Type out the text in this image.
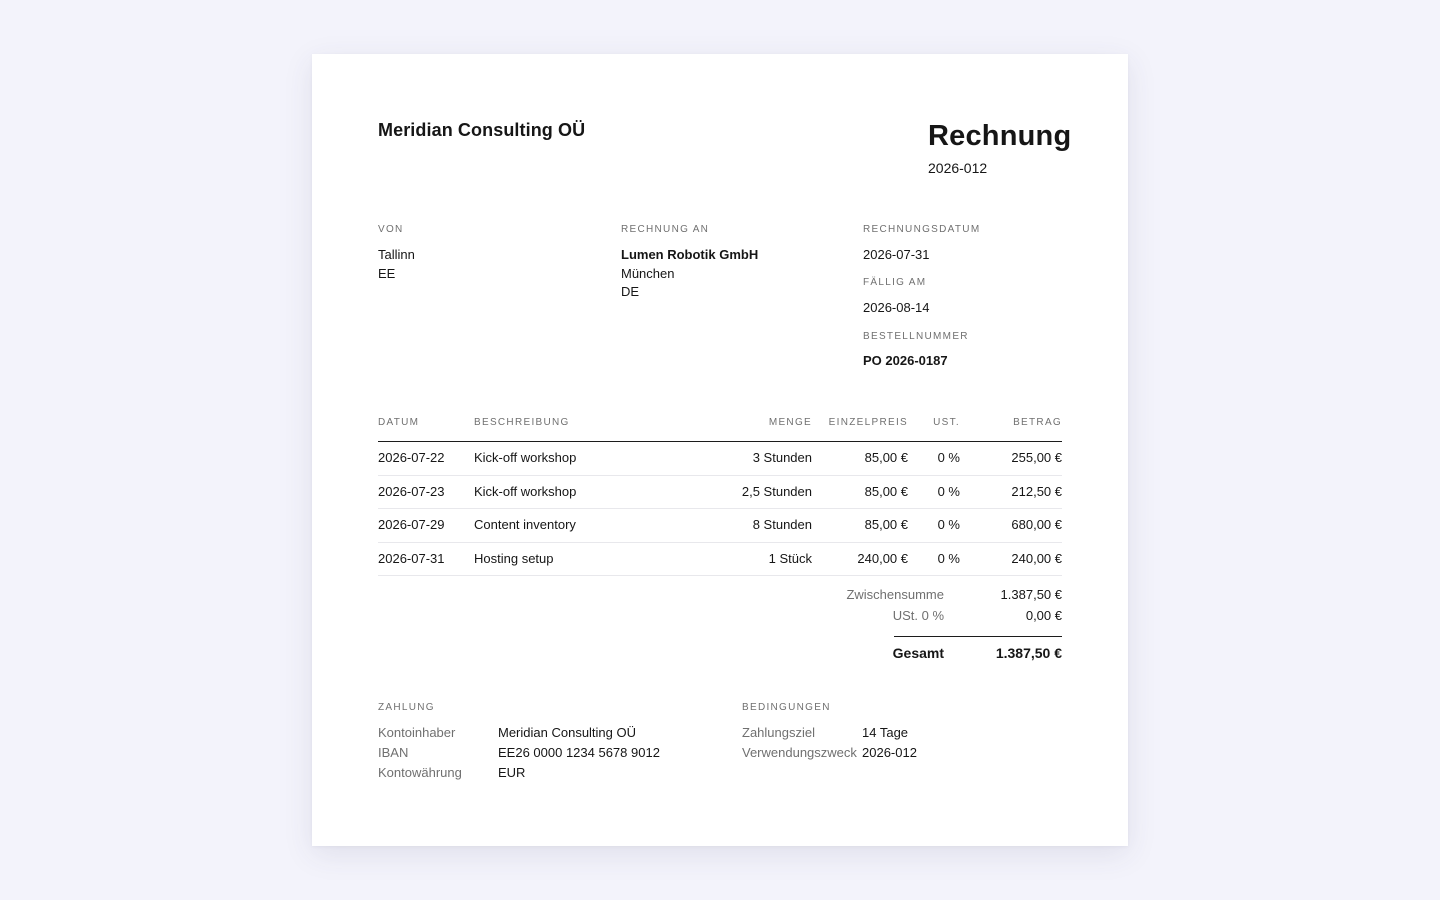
Meridian Consulting OÜ	Rechnung
2026-012
VON
Tallinn
EE
RECHNUNG AN
Lumen Robotik GmbH
München
DE
RECHNUNGSDATUM
2026-07-31
FÄLLIG AM
2026-08-14
BESTELLNUMMER
PO 2026-0187
DATUM	BESCHREIBUNG	MENGE EINZELPREIS	UST.	BETRAG
2026-07-22 Kick-off workshop	3 Stunden	85,00 € 0 %	255,00 €
2026-07-23 Kick-off workshop	2,5 Stunden	85,00 € 0 %	212,50 €
2026-07-29 Content inventory	8 Stunden	85,00 € 0 %	680,00 €
2026-07-31 Hosting setup	1 Stück	240,00 € 0 %	240,00 €
Zwischensumme	1.387,50 €
USt. 0 %	0,00 €
Gesamt	1.387,50 €
ZAHLUNG
Kontoinhaber	Meridian Consulting OÜ
IBAN	EE26 0000 1234 5678 9012
Kontowährung	EUR
BEDINGUNGEN
Zahlungsziel	14 Tage
Verwendungszweck 2026-012
